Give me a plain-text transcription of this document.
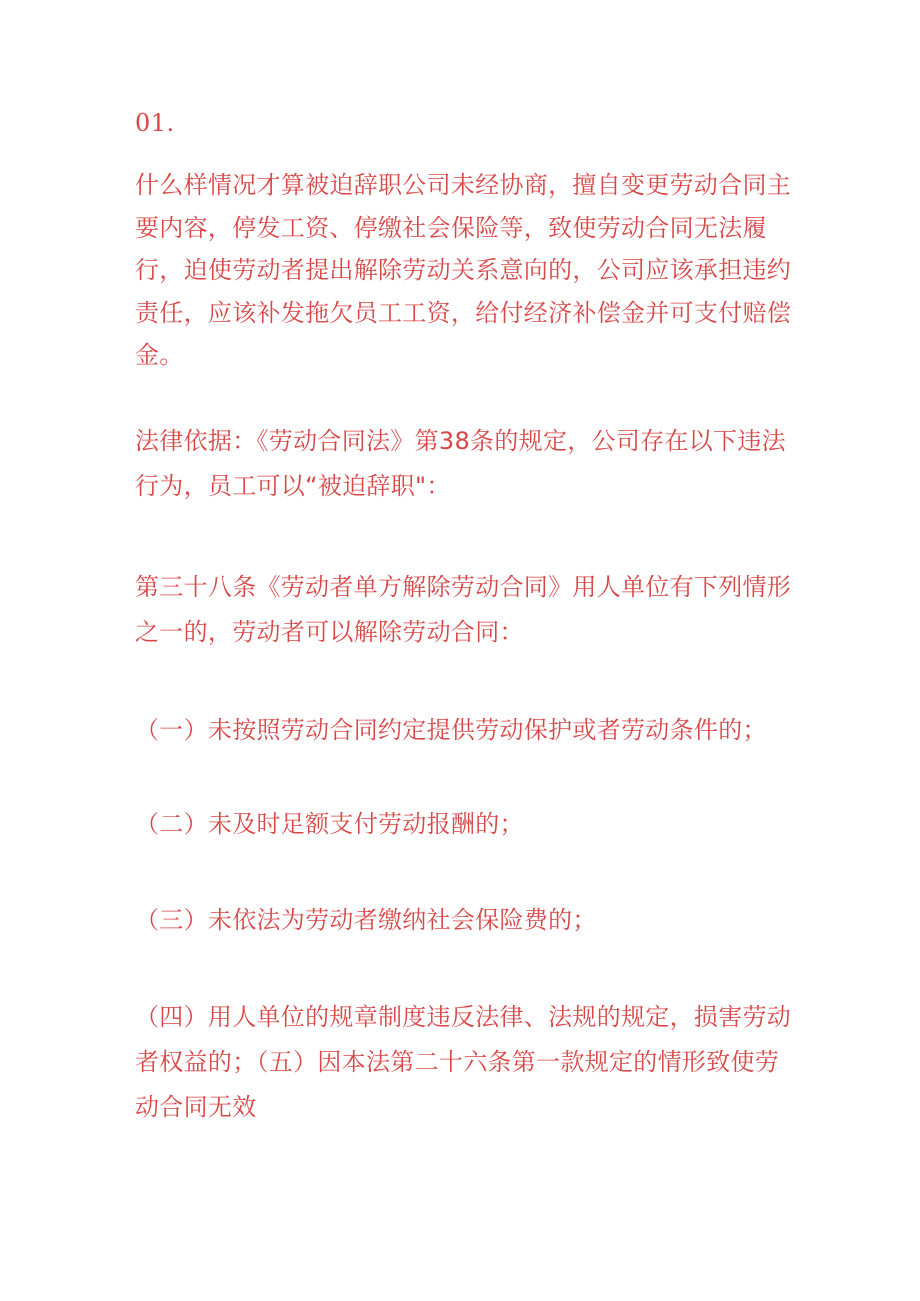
01.

什么样情况才算被迫辞职公司未经协商，擅自变更劳动合同主要内容，停发工资、停缴社会保险等，致使劳动合同无法履行，迫使劳动者提出解除劳动关系意向的，公司应该承担违约责任，应该补发拖欠员工工资，给付经济补偿金并可支付赔偿金。

法律依据：《劳动合同法》第38条的规定，公司存在以下违法行为，员工可以“被迫辞职"：

第三十八条《劳动者单方解除劳动合同》用人单位有下列情形之一的，劳动者可以解除劳动合同：

（一）未按照劳动合同约定提供劳动保护或者劳动条件的；

（二）未及时足额支付劳动报酬的；

（三）未依法为劳动者缴纳社会保险费的；

（四）用人单位的规章制度违反法律、法规的规定，损害劳动者权益的；（五）因本法第二十六条第一款规定的情形致使劳动合同无效
